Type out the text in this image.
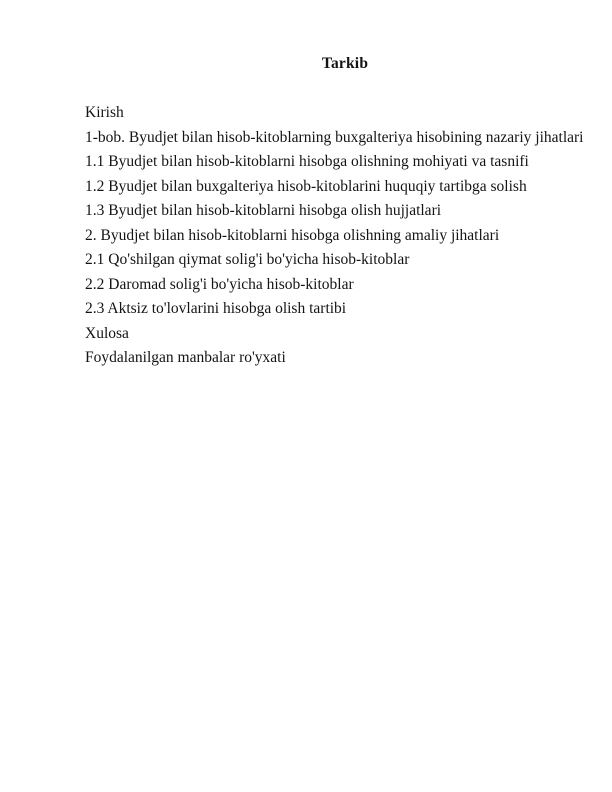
Tarkib

Kirish

1-bob. Byudjet bilan hisob-kitoblarning buxgalteriya hisobining nazariy jihatlari

1.1 Byudjet bilan hisob-kitoblarni hisobga olishning mohiyati va tasnifi

1.2 Byudjet bilan buxgalteriya hisob-kitoblarini huquqiy tartibga solish

1.3 Byudjet bilan hisob-kitoblarni hisobga olish hujjatlari

2. Byudjet bilan hisob-kitoblarni hisobga olishning amaliy jihatlari

2.1 Qo'shilgan qiymat solig'i bo'yicha hisob-kitoblar

2.2 Daromad solig'i bo'yicha hisob-kitoblar

2.3 Aktsiz to'lovlarini hisobga olish tartibi

Xulosa

Foydalanilgan manbalar ro'yxati
